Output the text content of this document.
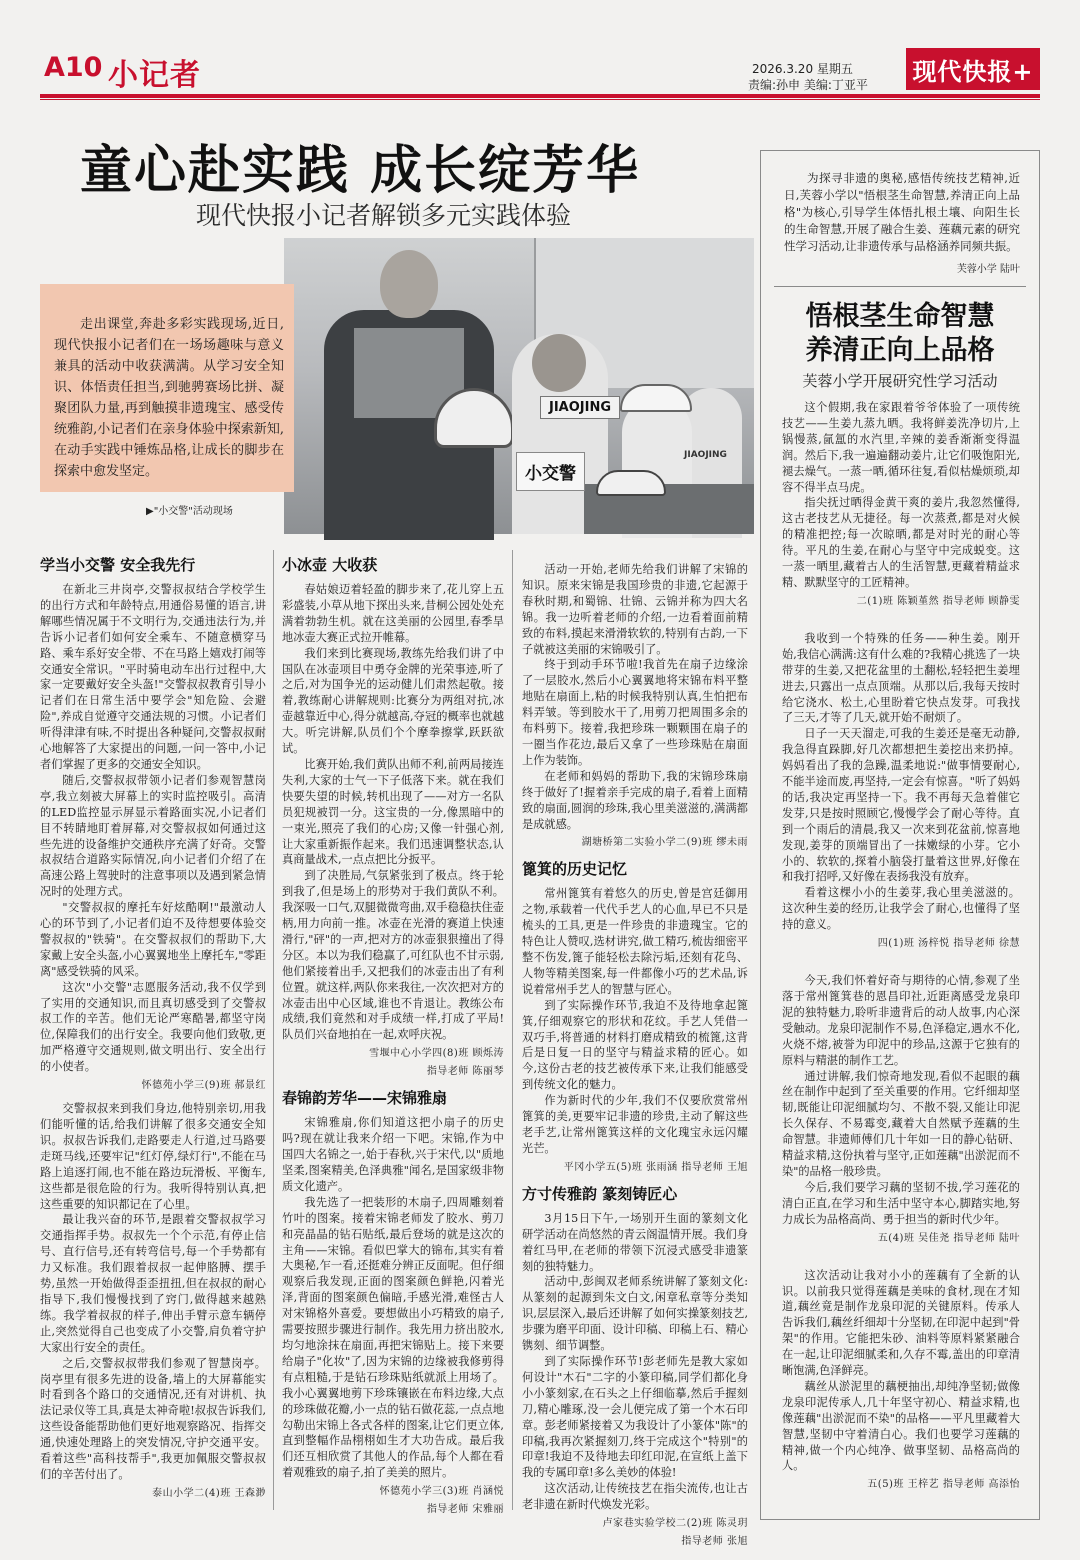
A10 小记者	2026.3.20 星期五
责编:孙申 美编:丁亚平 现代快报+
童心赴实践 成长绽芳华
现代快报小记者解锁多元实践体验
JIAOJING
小交警
JIAOJING
走出课堂,奔赴多彩实践现场,近日,现代快报小记者们在一场场趣味与意义兼具的活动中收获满满。从学习安全知识、体悟责任担当,到驰骋赛场比拼、凝聚团队力量,再到触摸非遗瑰宝、感受传统雅韵,小记者们在亲身体验中探索新知,在动手实践中锤炼品格,让成长的脚步在探索中愈发坚定。
▶"小交警"活动现场
学当小交警 安全我先行

在新北三井岗亭,交警叔叔结合学校学生的出行方式和年龄特点,用通俗易懂的语言,讲解哪些情况属于不文明行为,交通违法行为,并告诉小记者们如何安全乘车、不随意横穿马路、乘车系好安全带、不在马路上嬉戏打闹等交通安全常识。"平时骑电动车出行过程中,大家一定要戴好安全头盔!"交警叔叔教育引导小记者们在日常生活中要学会"知危险、会避险",养成自觉遵守交通法规的习惯。小记者们听得津津有味,不时提出各种疑问,交警叔叔耐心地解答了大家提出的问题,一问一答中,小记者们掌握了更多的交通安全知识。

随后,交警叔叔带领小记者们参观智慧岗亭,我立刻被大屏幕上的实时监控吸引。高清的LED监控显示屏显示着路面实况,小记者们目不转睛地盯着屏幕,对交警叔叔如何通过这些先进的设备维护交通秩序充满了好奇。交警叔叔结合道路实际情况,向小记者们介绍了在高速公路上驾驶时的注意事项以及遇到紧急情况时的处理方式。

"交警叔叔的摩托车好炫酷啊!"最激动人心的环节到了,小记者们迫不及待想要体验交警叔叔的"铁骑"。在交警叔叔们的帮助下,大家戴上安全头盔,小心翼翼地坐上摩托车,"零距离"感受铁骑的风采。

这次"小交警"志愿服务活动,我不仅学到了实用的交通知识,而且真切感受到了交警叔叔工作的辛苦。他们无论严寒酷暑,都坚守岗位,保障我们的出行安全。我要向他们致敬,更加严格遵守交通规则,做文明出行、安全出行的小使者。

怀德苑小学三(9)班 郝景红

交警叔叔来到我们身边,他特别亲切,用我们能听懂的话,给我们讲解了很多交通安全知识。叔叔告诉我们,走路要走人行道,过马路要走斑马线,还要牢记"红灯停,绿灯行",不能在马路上追逐打闹,也不能在路边玩滑板、平衡车,这些都是很危险的行为。我听得特别认真,把这些重要的知识都记在了心里。

最让我兴奋的环节,是跟着交警叔叔学习交通指挥手势。叔叔先一个个示范,有停止信号、直行信号,还有转弯信号,每一个手势都有力又标准。我们跟着叔叔一起伸胳膊、摆手势,虽然一开始做得歪歪扭扭,但在叔叔的耐心指导下,我们慢慢找到了窍门,做得越来越熟练。我学着叔叔的样子,伸出手臂示意车辆停止,突然觉得自己也变成了小交警,肩负着守护大家出行安全的责任。

之后,交警叔叔带我们参观了智慧岗亭。岗亭里有很多先进的设备,墙上的大屏幕能实时看到各个路口的交通情况,还有对讲机、执法记录仪等工具,真是太神奇啦!叔叔告诉我们,这些设备能帮助他们更好地观察路况、指挥交通,快速处理路上的突发情况,守护交通平安。看着这些"高科技帮手",我更加佩服交警叔叔们的辛苦付出了。

泰山小学二(4)班 王森渺
小冰壶 大收获

春姑娘迈着轻盈的脚步来了,花儿穿上五彩盛装,小草从地下探出头来,昔桐公园处处充满着勃勃生机。就在这美丽的公园里,春季旱地冰壶大赛正式拉开帷幕。

我们来到比赛现场,教练先给我们讲了中国队在冰壶项目中勇夺金牌的光荣事迹,听了之后,对为国争光的运动健儿们肃然起敬。接着,教练耐心讲解规则:比赛分为两组对抗,冰壶越靠近中心,得分就越高,夺冠的概率也就越大。听完讲解,队员们个个摩拳擦掌,跃跃欲试。

比赛开始,我们黄队出师不利,前两局接连失利,大家的士气一下子低落下来。就在我们快要失望的时候,转机出现了——对方一名队员犯规被罚一分。这宝贵的一分,像黑暗中的一束光,照亮了我们的心房;又像一针强心剂,让大家重新振作起来。我们迅速调整状态,认真商量战术,一点点把比分扳平。

到了决胜局,气氛紧张到了极点。终于轮到我了,但是场上的形势对于我们黄队不利。我深吸一口气,双腿微微弯曲,双手稳稳扶住壶柄,用力向前一推。冰壶在光滑的赛道上快速滑行,"砰"的一声,把对方的冰壶狠狠撞出了得分区。本以为我们稳赢了,可红队也不甘示弱,他们紧接着出手,又把我们的冰壶击出了有利位置。就这样,两队你来我往,一次次把对方的冰壶击出中心区域,谁也不肯退让。教练公布成绩,我们竟然和对手成绩一样,打成了平局!队员们兴奋地拍在一起,欢呼庆祝。

雪堰中心小学四(8)班 顾烁涛
指导老师 陈丽琴
春锦韵芳华——宋锦雅扇

宋锦雅扇,你们知道这把小扇子的历史吗?现在就让我来介绍一下吧。宋锦,作为中国四大名锦之一,始于春秋,兴于宋代,以"质地坚柔,图案精美,色泽典雅"闻名,是国家级非物质文化遗产。

我先选了一把装形的木扇子,四周雕刻着竹叶的图案。接着宋锦老师发了胶水、剪刀和亮晶晶的钻石贴纸,最后登场的就是这次的主角——宋锦。看似巴掌大的锦布,其实有着大奥秘,乍一看,还挺难分辨正反面呢。但仔细观察后我发现,正面的图案颜色鲜艳,闪着光泽,背面的图案颜色偏暗,手感光滑,难怪古人对宋锦格外喜爱。要想做出小巧精致的扇子,需要按照步骤进行制作。我先用力挤出胶水,均匀地涂抹在扇面,再把宋锦贴上。接下来要给扇子"化妆"了,因为宋锦的边缘被我修剪得有点粗糙,于是钻石珍珠贴纸就派上用场了。我小心翼翼地剪下珍珠镶嵌在布料边缘,大点的珍珠做花瓣,小一点的钻石做花蕊,一点点地勾勒出宋锦上各式各样的图案,让它们更立体,直到整幅作品栩栩如生才大功告成。最后我们还互相欣赏了其他人的作品,每个人都在看着观雅致的扇子,拍了美美的照片。

怀德苑小学三(3)班 肖涵悦
指导老师 宋雅丽

活动一开始,老师先给我们讲解了宋锦的知识。原来宋锦是我国珍贵的非遗,它起源于春秋时期,和蜀锦、壮锦、云锦并称为四大名锦。我一边听着老师的介绍,一边看着面前精致的布料,摸起来滑滑软软的,特别有古韵,一下子就被这美丽的宋锦吸引了。

终于到动手环节啦!我首先在扇子边缘涂了一层胶水,然后小心翼翼地将宋锦布料平整地贴在扇面上,粘的时候我特别认真,生怕把布料弄皱。等到胶水干了,用剪刀把周围多余的布料剪下。接着,我把珍珠一颗颗围在扇子的一圈当作花边,最后又拿了一些珍珠贴在扇面上作为装饰。

在老师和妈妈的帮助下,我的宋锦珍珠扇终于做好了!握着亲手完成的扇子,看着上面精致的扇面,圆润的珍珠,我心里美滋滋的,满满都是成就感。

湖塘桥第二实验小学二(9)班 缪未雨
篦箕的历史记忆

常州篦箕有着悠久的历史,曾是宫廷御用之物,承载着一代代手艺人的心血,早已不只是梳头的工具,更是一件珍贵的非遗瑰宝。它的特色让人赞叹,选材讲究,做工精巧,梳齿细密平整不伤发,篦子能轻松去除污垢,还刻有花鸟、人物等精美图案,每一件都像小巧的艺术品,诉说着常州手艺人的智慧与匠心。

到了实际操作环节,我迫不及待地拿起篦箕,仔细观察它的形状和花纹。手艺人凭借一双巧手,将普通的材料打磨成精致的梳篦,这背后是日复一日的坚守与精益求精的匠心。如今,这份古老的技艺被传承下来,让我们能感受到传统文化的魅力。

作为新时代的少年,我们不仅要欣赏常州篦箕的美,更要牢记非遗的珍贵,主动了解这些老手艺,让常州篦箕这样的文化瑰宝永远闪耀光芒。

平冈小学五(5)班 张雨涵 指导老师 王旭
方寸传雅韵 篆刻铸匠心

3月15日下午,一场别开生面的篆刻文化研学活动在尚悠然的青云阁温情开展。我们身着红马甲,在老师的带领下沉浸式感受非遗篆刻的独特魅力。

活动中,彭闽双老师系统讲解了篆刻文化:从篆刻的起源到朱文白文,闲章私章等分类知识,层层深入,最后还讲解了如何实操篆刻技艺,步骤为磨平印面、设计印稿、印稿上石、精心镌刻、细节调整。

到了实际操作环节!彭老师先是教大家如何设计"木石"二字的小篆印稿,同学们都化身小小篆刻家,在石头之上仔细临摹,然后手握刻刀,精心雕琢,没一会儿便完成了第一个木石印章。彭老师紧接着又为我设计了小篆体"陈"的印稿,我再次紧握刻刀,终于完成这个"特别"的印章!我迫不及待地去印红印泥,在宣纸上盖下我的专属印章!多么美妙的体验!

这次活动,让传统技艺在指尖流传,也让古老非遗在新时代焕发光彩。

卢家巷实验学校二(2)班 陈灵玥
指导老师 张旭
为探寻非遗的奥秘,感悟传统技艺精神,近日,芙蓉小学以"悟根茎生命智慧,养清正向上品格"为核心,引导学生体悟扎根土壤、向阳生长的生命智慧,开展了融合生姜、莲藕元素的研究性学习活动,让非遗传承与品格涵养同频共振。
芙蓉小学 陆叶
悟根茎生命智慧
养清正向上品格
芙蓉小学开展研究性学习活动

这个假期,我在家跟着爷爷体验了一项传统技艺——生姜九蒸九晒。我将鲜姜洗净切片,上锅慢蒸,氤氲的水汽里,辛辣的姜香渐渐变得温润。然后下,我一遍遍翻动姜片,让它们吸饱阳光,褪去燥气。一蒸一晒,循环往复,看似枯燥烦琐,却容不得半点马虎。

指尖抚过晒得金黄干爽的姜片,我忽然懂得,这古老技艺从无捷径。每一次蒸煮,都是对火候的精准把控;每一次晾晒,都是对时光的耐心等待。平凡的生姜,在耐心与坚守中完成蜕变。这一蒸一晒里,藏着古人的生活智慧,更藏着精益求精、默默坚守的工匠精神。

二(1)班 陈颖堇然 指导老师 顾静雯

我收到一个特殊的任务——种生姜。刚开始,我信心满满:这有什么难的?我精心挑选了一块带芽的生姜,又把花盆里的土翻松,轻轻把生姜埋进去,只露出一点点顶端。从那以后,我每天按时给它浇水、松土,心里盼着它快点发芽。可我找了三天,才等了几天,就开始不耐烦了。

日子一天天溜走,可我的生姜还是毫无动静,我急得直跺脚,好几次都想把生姜挖出来扔掉。妈妈看出了我的急躁,温柔地说:"做事情要耐心,不能半途而废,再坚持,一定会有惊喜。"听了妈妈的话,我决定再坚持一下。我不再每天急着催它发芽,只是按时照顾它,慢慢学会了耐心等待。直到一个雨后的清晨,我又一次来到花盆前,惊喜地发现,姜芽的顶端冒出了一抹嫩绿的小芽。它小小的、软软的,探着小脑袋打量着这世界,好像在和我打招呼,又好像在表扬我没有放弃。

看着这棵小小的生姜芽,我心里美滋滋的。这次种生姜的经历,让我学会了耐心,也懂得了坚持的意义。

四(1)班 汤梓悦 指导老师 徐慧

今天,我们怀着好奇与期待的心情,参观了坐落于常州篦箕巷的恩昌印社,近距离感受龙泉印泥的独特魅力,聆听非遗背后的动人故事,内心深受触动。龙泉印泥制作不易,色泽稳定,遇水不化,火烧不熔,被誉为印泥中的珍品,这源于它独有的原料与精湛的制作工艺。

通过讲解,我们惊奇地发现,看似不起眼的藕丝在制作中起到了至关重要的作用。它纤细却坚韧,既能让印泥细腻均匀、不散不裂,又能让印泥长久保存、不易霉变,藏着大自然赋予莲藕的生命智慧。非遗师傅们几十年如一日的静心钻研、精益求精,这份执着与坚守,正如莲藕"出淤泥而不染"的品格一般珍贵。

今后,我们要学习藕的坚韧不拔,学习莲花的清白正直,在学习和生活中坚守本心,脚踏实地,努力成长为品格高尚、勇于担当的新时代少年。

五(4)班 吴佳尧 指导老师 陆叶

这次活动让我对小小的莲藕有了全新的认识。以前我只觉得莲藕是美味的食材,现在才知道,藕丝竟是制作龙泉印泥的关键原料。传承人告诉我们,藕丝纤细却十分坚韧,在印泥中起到"骨架"的作用。它能把朱砂、油料等原料紧紧融合在一起,让印泥细腻柔和,久存不霉,盖出的印章清晰饱满,色泽鲜亮。

藕丝从淤泥里的藕梗抽出,却纯净坚韧;做像龙泉印泥传承人,几十年坚守初心、精益求精,也像莲藕"出淤泥而不染"的品格——平凡里藏着大智慧,坚韧中守着清白心。我们也要学习莲藕的精神,做一个内心纯净、做事坚韧、品格高尚的人。

五(5)班 王梓艺 指导老师 高添怡
